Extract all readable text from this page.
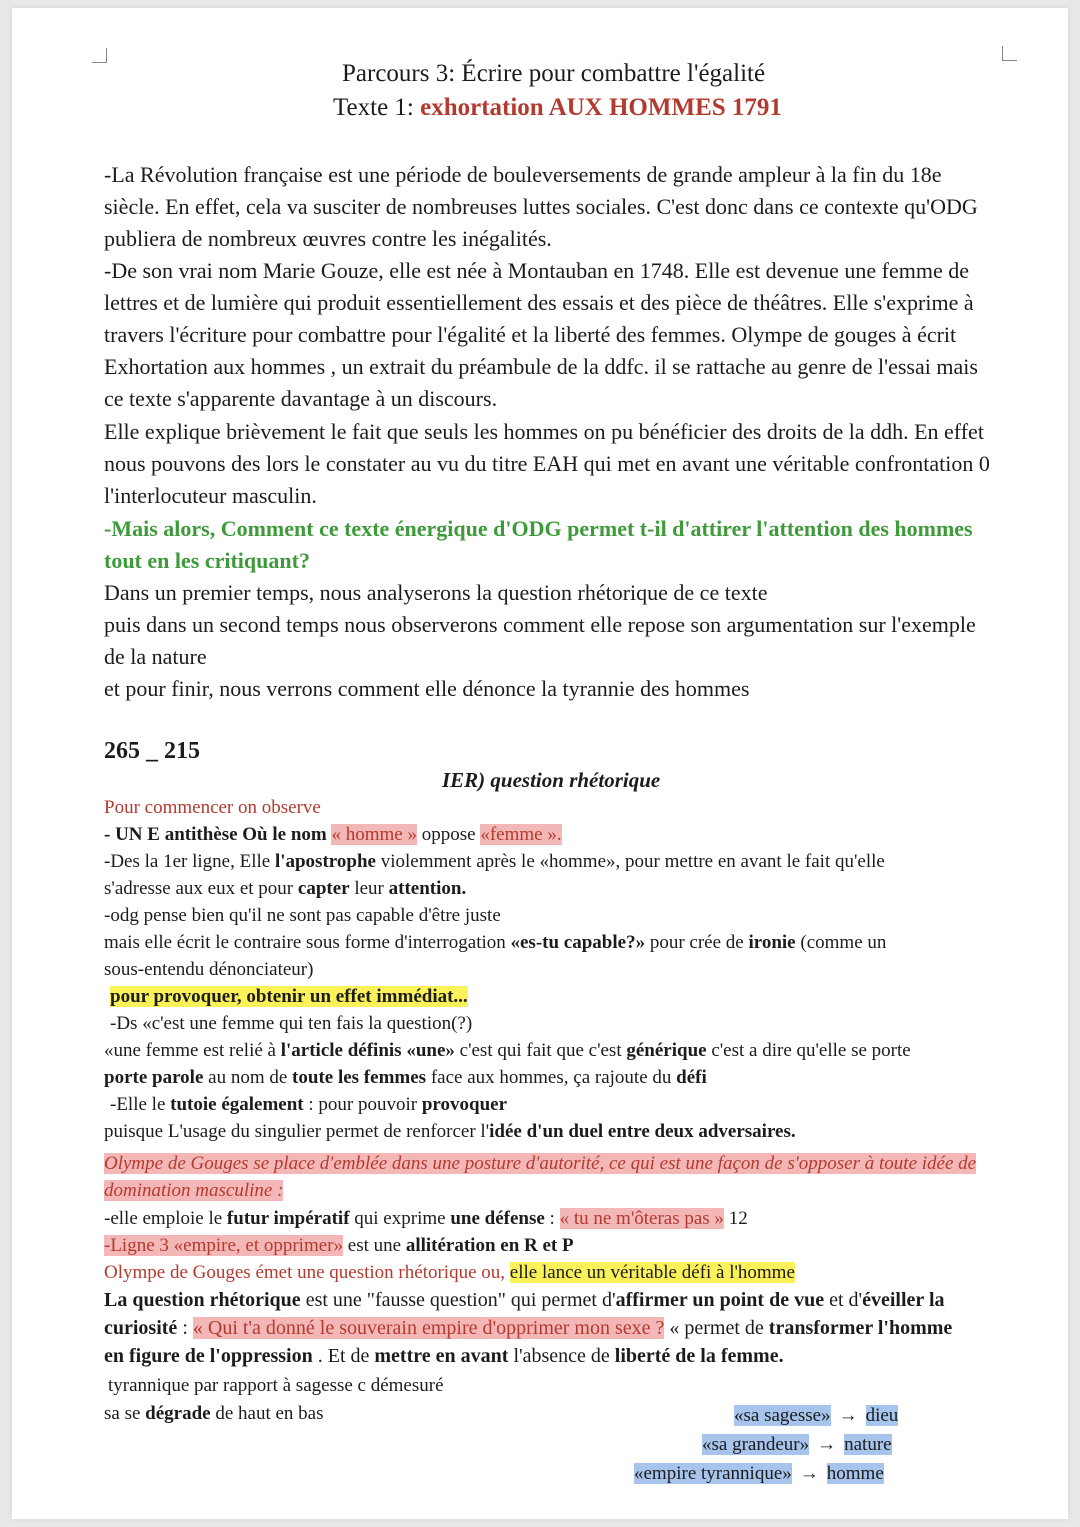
Parcours 3: Écrire pour combattre l'égalité
Texte 1: exhortation AUX HOMMES 1791
-La Révolution française est une période de bouleversements de grande ampleur à la fin du 18e siècle. En effet, cela va susciter de nombreuses luttes sociales. C'est donc dans ce contexte qu'ODG publiera de nombreux œuvres contre les inégalités.
-De son vrai nom Marie Gouze, elle est née à Montauban en 1748. Elle est devenue une femme de lettres et de lumière qui produit essentiellement des essais et des pièce de théâtres. Elle s'exprime à travers l'écriture pour combattre pour l'égalité et la liberté des femmes. Olympe de gouges à écrit Exhortation aux hommes , un extrait du préambule de la ddfc. il se rattache au genre de l'essai mais ce texte s'apparente davantage à un discours.
Elle explique brièvement le fait que seuls les hommes on pu bénéficier des droits de la ddh. En effet nous pouvons des lors le constater au vu du titre EAH qui met en avant une véritable confrontation 0 l'interlocuteur masculin.
-Mais alors, Comment ce texte énergique d'ODG permet t-il d'attirer l'attention des hommes tout en les critiquant?
Dans un premier temps, nous analyserons la question rhétorique de ce texte
puis dans un second temps nous observerons comment elle repose son argumentation sur l'exemple de la nature
et pour finir, nous verrons comment elle dénonce la tyrannie des hommes
265 _ 215
IER) question rhétorique
Pour commencer on observe
- UN E antithèse Où le nom « homme » oppose «femme ».
-Des la 1er ligne, Elle l'apostrophe violemment après le «homme», pour mettre en avant le fait qu'elle
s'adresse aux eux et pour capter leur attention.
-odg pense bien qu'il ne sont pas capable d'être juste
mais elle écrit le contraire sous forme d'interrogation «es-tu capable?» pour crée de ironie (comme un
sous-entendu dénonciateur)
pour provoquer, obtenir un effet immédiat...
-Ds «c'est une femme qui ten fais la question(?)
«une femme est relié à l'article définis «une» c'est qui fait que c'est générique c'est a dire qu'elle se porte
porte parole au nom de toute les femmes face aux hommes, ça rajoute du défi
-Elle le tutoie également : pour pouvoir provoquer
puisque L'usage du singulier permet de renforcer l'idée d'un duel entre deux adversaires.
Olympe de Gouges se place d'emblée dans une posture d'autorité, ce qui est une façon de s'opposer à toute idée de domination masculine :
-elle emploie le futur impératif qui exprime une défense : « tu ne m'ôteras pas » 12
-Ligne 3 «empire, et opprimer» est une allitération en R et P
Olympe de Gouges émet une question rhétorique ou, elle lance un véritable défi à l'homme
La question rhétorique est une "fausse question" qui permet d'affirmer un point de vue et d'éveiller la
curiosité : « Qui t'a donné le souverain empire d'opprimer mon sexe ? « permet de transformer l'homme
en figure de l'oppression . Et de mettre en avant l'absence de liberté de la femme.
tyrannique par rapport à sagesse c démesuré
sa se dégrade de haut en bas	«sa sagesse» → dieu
«sa grandeur» → nature
«empire tyrannique» → homme
